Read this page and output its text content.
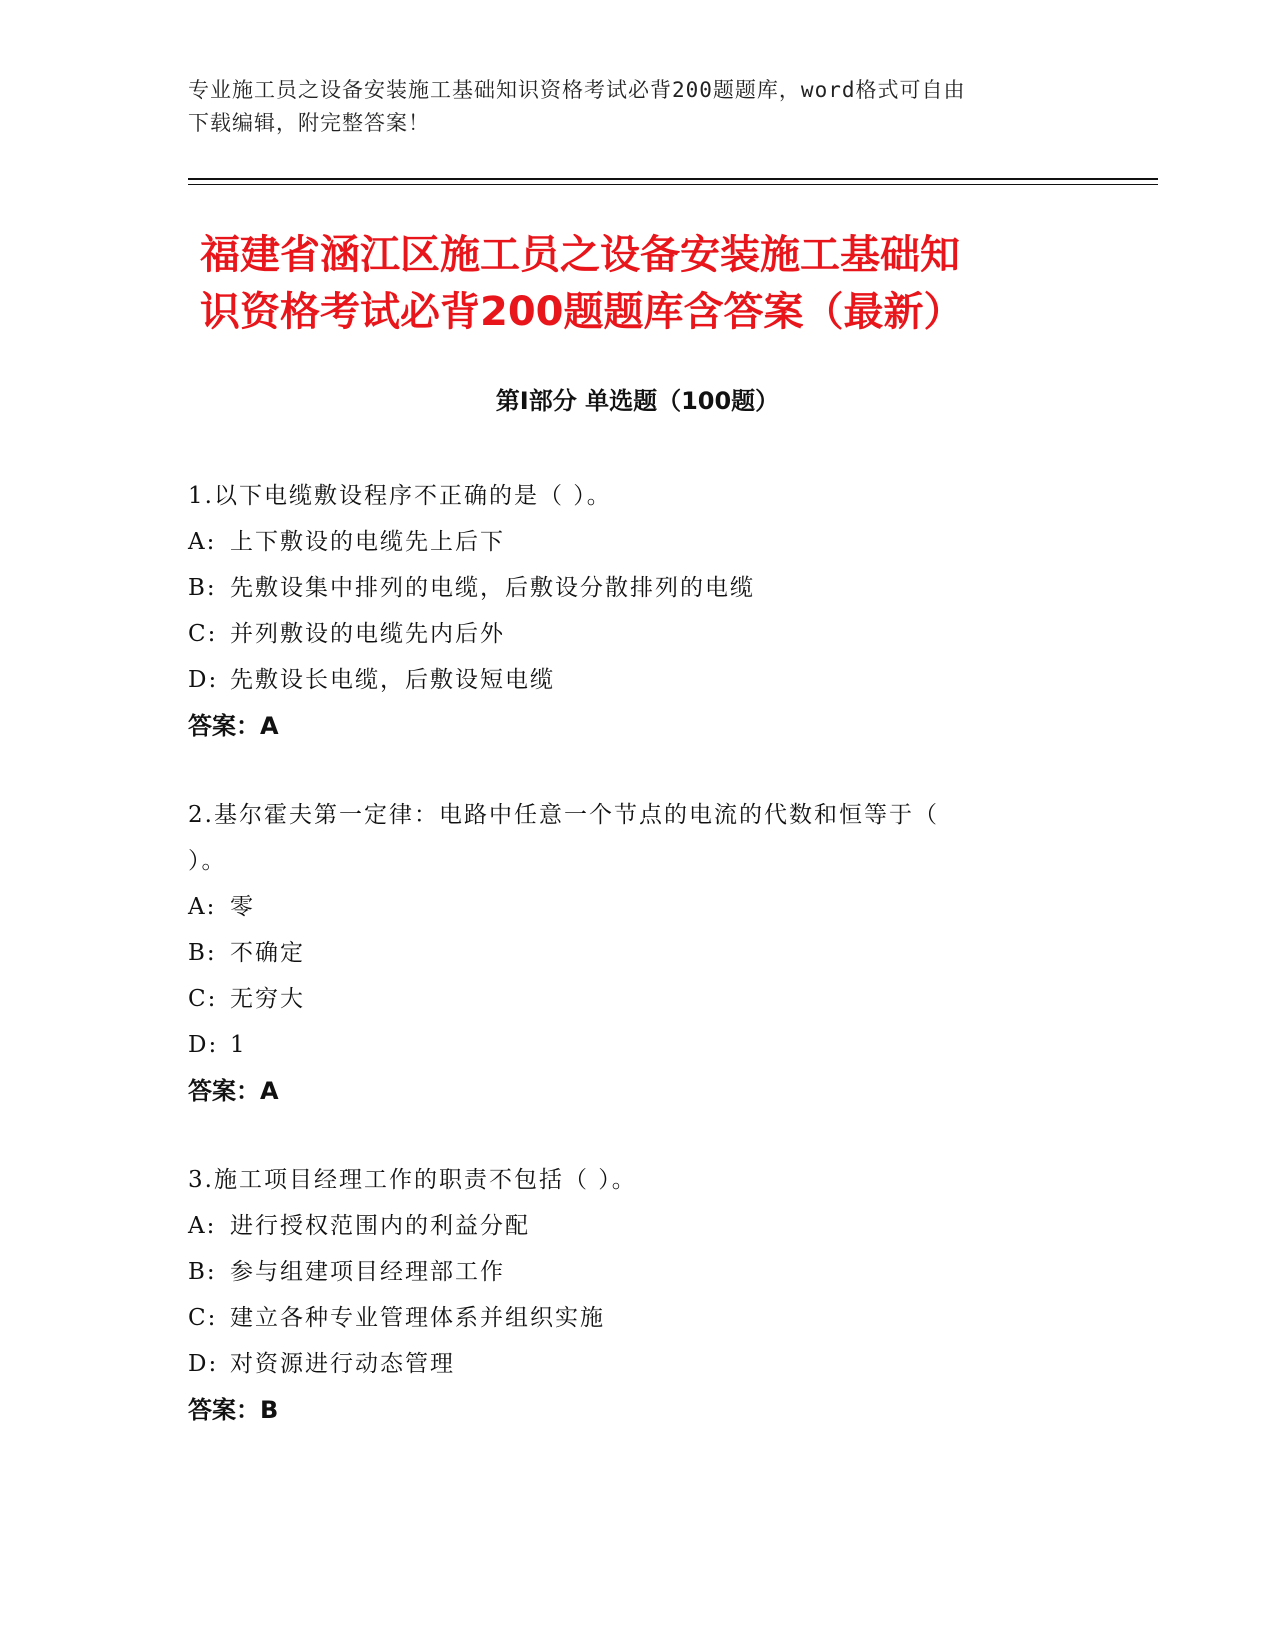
专业施工员之设备安装施工基础知识资格考试必背200题题库，word格式可自由
下载编辑，附完整答案！
福建省涵江区施工员之设备安装施工基础知
识资格考试必背200题题库含答案（最新）
第Ⅰ部分 单选题（100题）
1.以下电缆敷设程序不正确的是（ ）。
A: 上下敷设的电缆先上后下
B: 先敷设集中排列的电缆，后敷设分散排列的电缆
C: 并列敷设的电缆先内后外
D: 先敷设长电缆，后敷设短电缆
答案：A
2.基尔霍夫第一定律：电路中任意一个节点的电流的代数和恒等于（
）。
A: 零
B: 不确定
C: 无穷大
D: 1
答案：A
3.施工项目经理工作的职责不包括（ ）。
A: 进行授权范围内的利益分配
B: 参与组建项目经理部工作
C: 建立各种专业管理体系并组织实施
D: 对资源进行动态管理
答案：B
